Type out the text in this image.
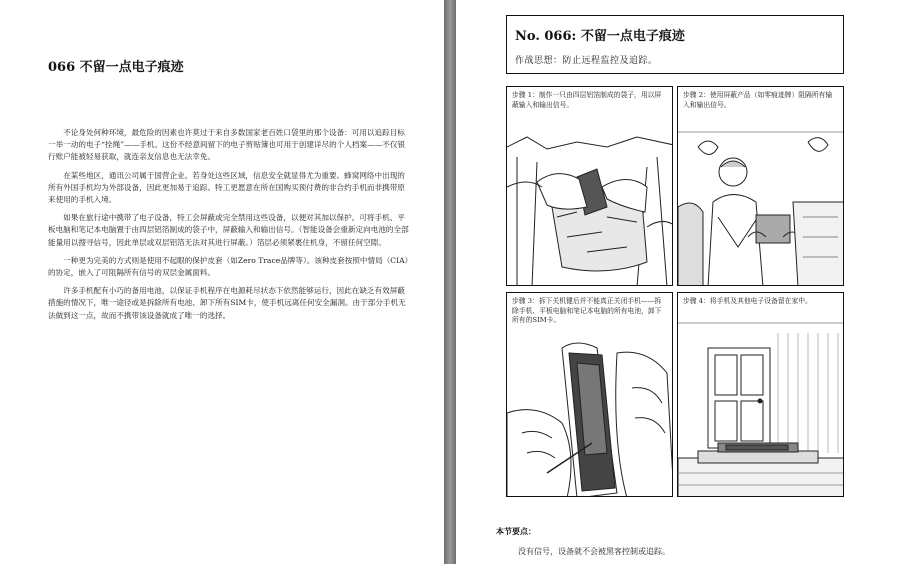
066 不留一点电子痕迹

不论身处何种环境，最危险的因素也许莫过于来自多数国家老百姓口袋里的那个设备：可用以追踪目标一举一动的电子“拴绳”——手机。这份不经意间留下的电子剪贴簿也可用于创建详尽的个人档案——不仅银行账户能被轻易获取，就连亲友信息也无法幸免。

在某些地区，通讯公司属于国营企业。若身处这些区域，信息安全就显得尤为重要。蜂窝网络中出现的所有外国手机均为外部设备，因此更加易于追踪。特工更愿意在所在国购买预付费的非合约手机而非携带原来使用的手机入境。

如果在旅行途中携带了电子设备，特工会屏蔽或完全禁用这些设备，以便对其加以保护。可将手机、平板电脑和笔记本电脑置于由四层铝箔制成的袋子中，屏蔽输入和输出信号。（智能设备会重新定向电池的全部能量用以搜寻信号，因此单层或双层铝箔无法对其进行屏蔽。）箔层必须紧裹住机身，不留任何空隙。

一种更为完美的方式则是使用不起眼的保护皮套（如Zero Trace品牌等）。该种皮套按照中情局（CIA）的协定，嵌入了可阻隔所有信号的双层金属面料。

许多手机配有小巧的备用电池，以保证手机程序在电源耗尽状态下依然能够运行，因此在缺乏有效屏蔽措施的情况下，唯一途径或是拆除所有电池、卸下所有SIM卡，使手机远离任何安全漏洞。由于部分手机无法做到这一点，故而不携带该设备就成了唯一的选择。

No. 066: 不留一点电子痕迹
作战思想：防止远程监控及追踪。
步骤 1：制作一只由四层铝箔制成的袋子，用以屏蔽输入和输出信号。
步骤 2：使用屏蔽产品（如零痕迹牌）阻隔所有输入和输出信号。
步骤 3：拆下关机键后并不能真正关闭手机——拆除手机、平板电脑和笔记本电脑的所有电池，卸下所有的SIM卡。
步骤 4：将手机及其他电子设备留在家中。
本节要点：
没有信号，设备就不会被黑客控制或追踪。
